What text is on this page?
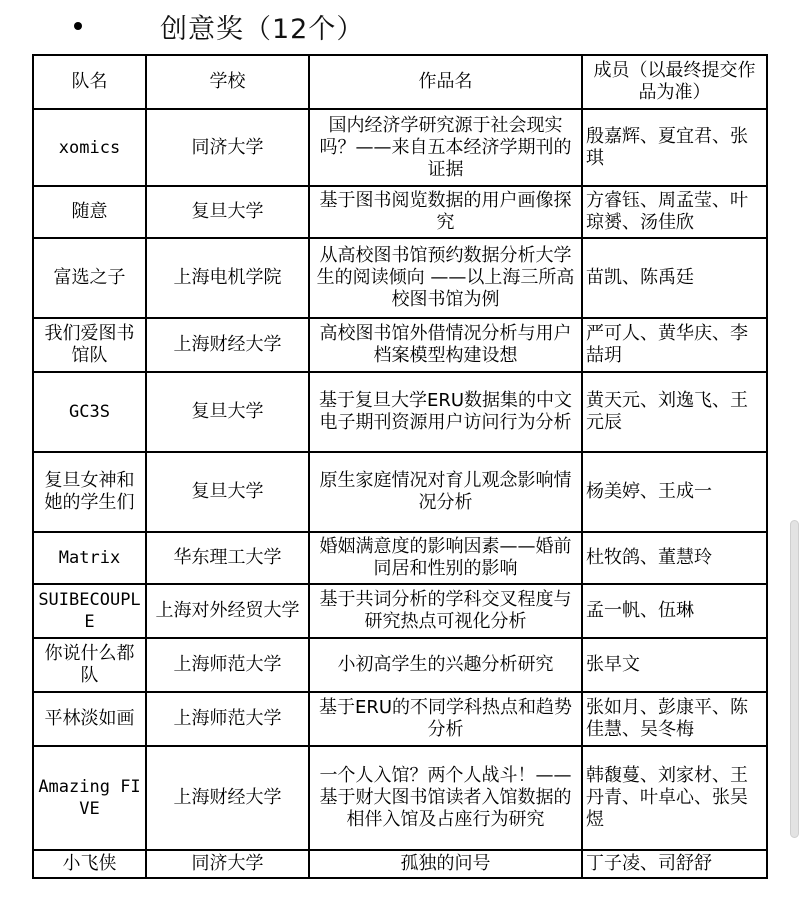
创意奖（12个）
队名	学校	作品名	成员（以最终提交作品为准）
xomics	同济大学	国内经济学研究源于社会现实吗？——来自五本经济学期刊的证据	殷嘉辉、夏宜君、张琪
随意	复旦大学	基于图书阅览数据的用户画像探究	方睿钰、周孟莹、叶琼赟、汤佳欣
富选之子	上海电机学院	从高校图书馆预约数据分析大学生的阅读倾向 ——以上海三所高校图书馆为例	苗凯、陈禹廷
我们爱图书馆队	上海财经大学	高校图书馆外借情况分析与用户档案模型构建设想	严可人、黄华庆、李喆玥
GC3S	复旦大学	基于复旦大学ERU数据集的中文电子期刊资源用户访问行为分析	黄天元、刘逸飞、王元辰
复旦女神和她的学生们	复旦大学	原生家庭情况对育儿观念影响情况分析	杨美婷、王成一
Matrix	华东理工大学	婚姻满意度的影响因素——婚前同居和性别的影响	杜牧鸽、董慧玲
SUIBECOUPLE	上海对外经贸大学	基于共词分析的学科交叉程度与研究热点可视化分析	孟一帆、伍琳
你说什么都队	上海师范大学	小初高学生的兴趣分析研究	张早文
平林淡如画	上海师范大学	基于ERU的不同学科热点和趋势分析	张如月、彭康平、陈佳慧、吴冬梅
Amazing FIVE	上海财经大学	一个人入馆？两个人战斗！——基于财大图书馆读者入馆数据的相伴入馆及占座行为研究	韩馥蔓、刘家材、王丹青、叶卓心、张吴煜
小飞侠	同济大学	孤独的问号	丁子凌、司舒舒
